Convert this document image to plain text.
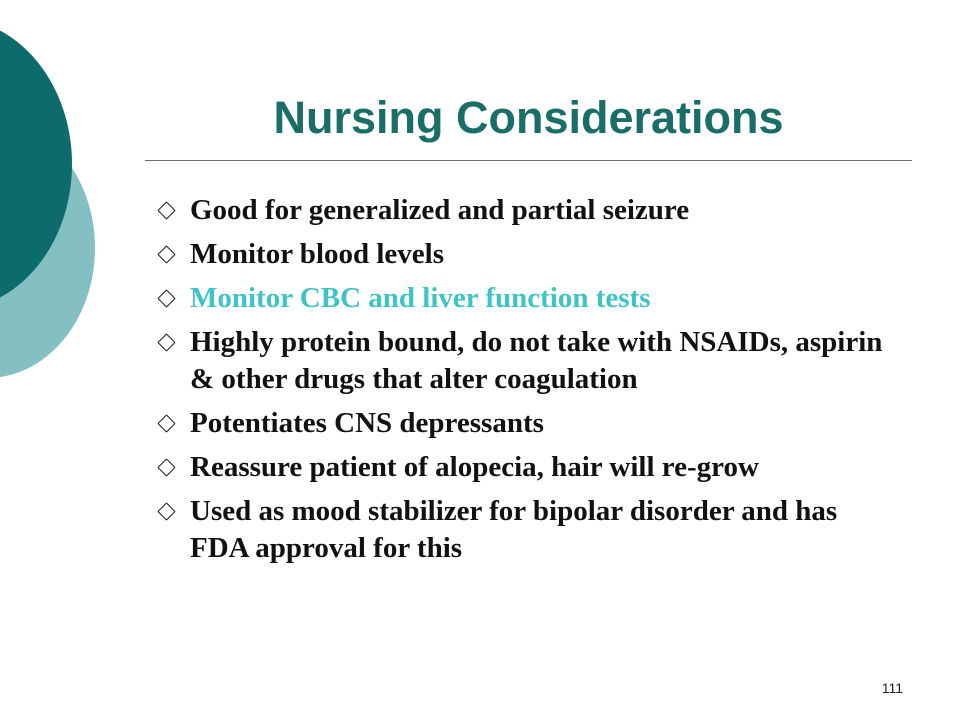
Nursing Considerations
Good for generalized and partial seizure
Monitor blood levels
Monitor CBC and liver function tests
Highly protein bound, do not take with NSAIDs, aspirin & other drugs that alter coagulation
Potentiates CNS depressants
Reassure patient of alopecia, hair will re-grow
Used as mood stabilizer for bipolar disorder and has FDA approval for this
111
